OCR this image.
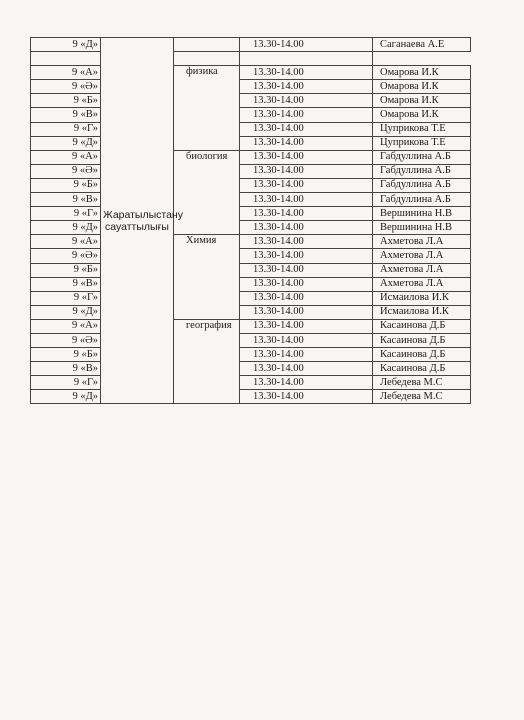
9 «Д»	Жаратылыстану сауаттылығы		13.30-14.00	Саганаева А.Е

9 «А»		физика	13.30-14.00	Омарова И.К
9 «Ә»			13.30-14.00	Омарова И.К
9 «Б»			13.30-14.00	Омарова И.К
9 «В»			13.30-14.00	Омарова И.К
9 «Г»			13.30-14.00	Цуприкова Т.Е
9 «Д»			13.30-14.00	Цуприкова Т.Е
9 «А»		биология	13.30-14.00	Габдуллина А.Б
9 «Ә»			13.30-14.00	Габдуллина А.Б
9 «Б»			13.30-14.00	Габдуллина А.Б
9 «В»			13.30-14.00	Габдуллина А.Б
9 «Г»			13.30-14.00	Вершинина Н.В
9 «Д»			13.30-14.00	Вершинина Н.В
9 «А»		Химия	13.30-14.00	Ахметова Л.А
9 «Ә»			13.30-14.00	Ахметова Л.А
9 «Б»			13.30-14.00	Ахметова Л.А
9 «В»			13.30-14.00	Ахметова Л.А
9 «Г»			13.30-14.00	Исмаилова И.К
9 «Д»			13.30-14.00	Исмаилова И.К
9 «А»		география	13.30-14.00	Касаинова Д.Б
9 «Ә»			13.30-14.00	Касаинова Д.Б
9 «Б»			13.30-14.00	Касаинова Д.Б
9 «В»			13.30-14.00	Касаинова Д.Б
9 «Г»			13.30-14.00	Лебедева М.С
9 «Д»			13.30-14.00	Лебедева М.С
